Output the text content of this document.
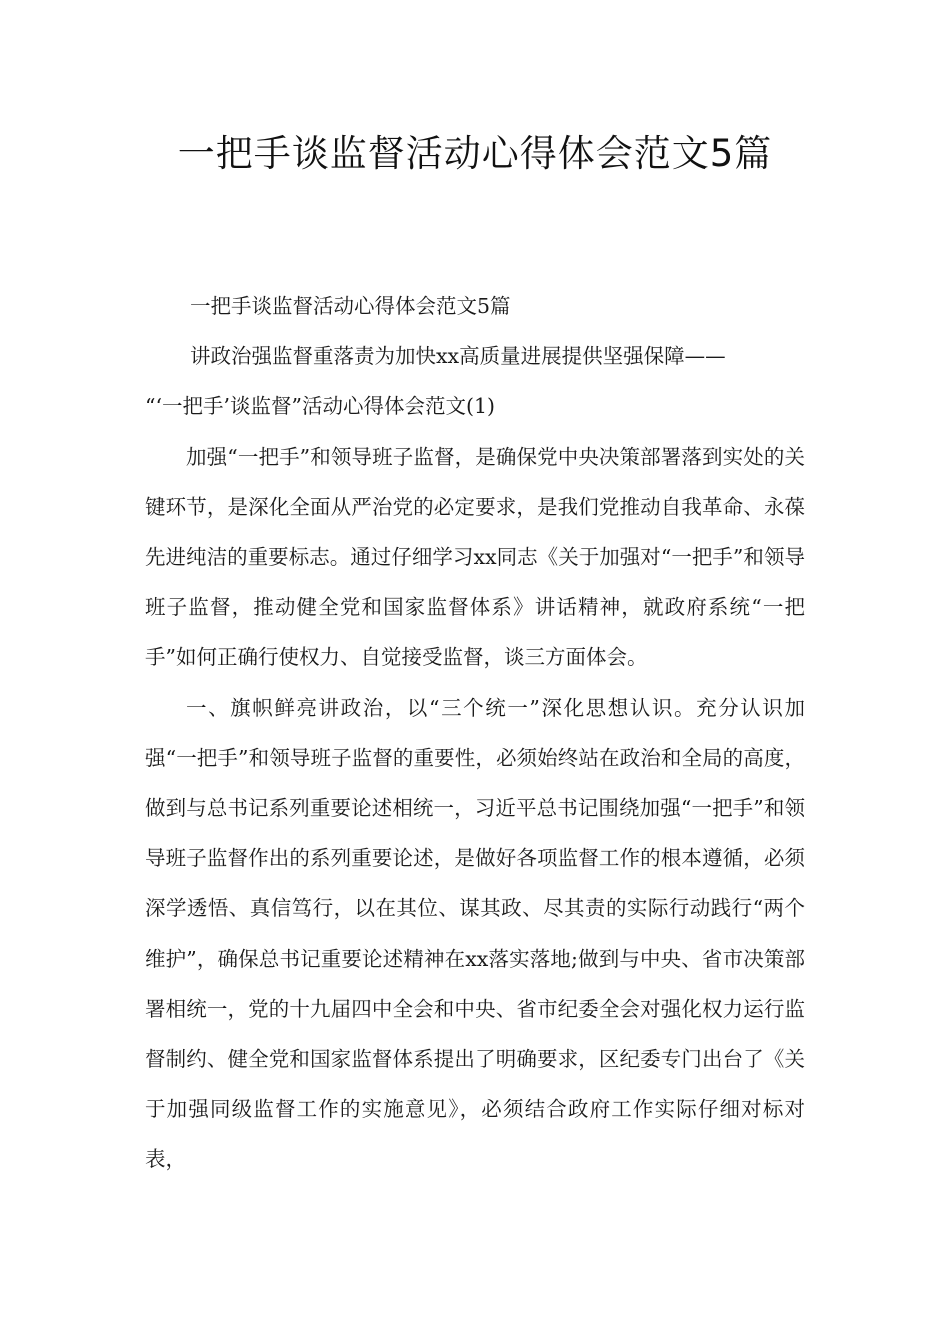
一把手谈监督活动心得体会范文5篇

一把手谈监督活动心得体会范文5篇

讲政治强监督重落责为加快xx高质量进展提供坚强保障——
“‘一把手’谈监督”活动心得体会范文(1)

加强“一把手”和领导班子监督，是确保党中央决策部署落到实处的关键环节，是深化全面从严治党的必定要求，是我们党推动自我革命、永葆先进纯洁的重要标志。通过仔细学习xx同志《关于加强对“一把手”和领导班子监督，推动健全党和国家监督体系》讲话精神，就政府系统“一把手”如何正确行使权力、自觉接受监督，谈三方面体会。

一、旗帜鲜亮讲政治，以“三个统一”深化思想认识。充分认识加强“一把手”和领导班子监督的重要性，必须始终站在政治和全局的高度，做到与总书记系列重要论述相统一，习近平总书记围绕加强“一把手”和领导班子监督作出的系列重要论述，是做好各项监督工作的根本遵循，必须深学透悟、真信笃行，以在其位、谋其政、尽其责的实际行动践行“两个维护”，确保总书记重要论述精神在xx落实落地;做到与中央、省市决策部署相统一，党的十九届四中全会和中央、省市纪委全会对强化权力运行监督制约、健全党和国家监督体系提出了明确要求，区纪委专门出台了《关于加强同级监督工作的实施意见》，必须结合政府工作实际仔细对标对表，
